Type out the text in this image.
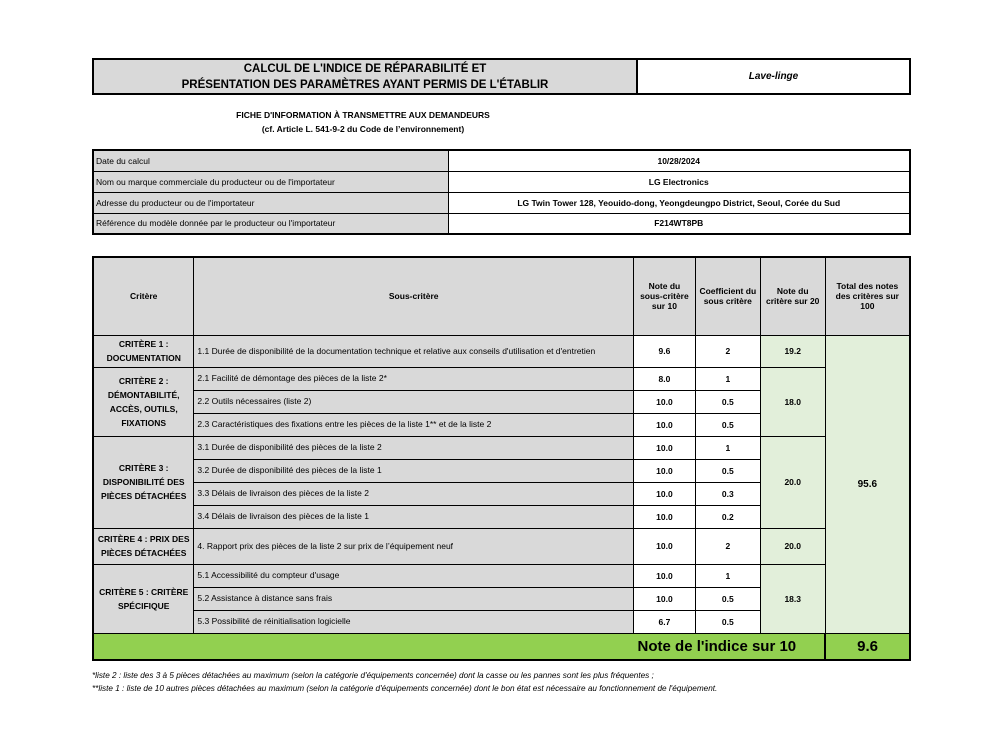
CALCUL DE L'INDICE DE RÉPARABILITÉ ET
PRÉSENTATION DES PARAMÈTRES AYANT PERMIS DE L'ÉTABLIR
Lave-linge
FICHE D'INFORMATION À TRANSMETTRE AUX DEMANDEURS
(cf. Article L. 541-9-2 du Code de l’environnement)
Date du calcul	10/28/2024
Nom ou marque commerciale du producteur ou de l'importateur	LG Electronics
Adresse du producteur ou de l'importateur	LG Twin Tower 128, Yeouido-dong, Yeongdeungpo District, Seoul, Corée du Sud
Référence du modèle donnée par le producteur ou l'importateur	F214WT8PB
Critère	Sous-critère	Note du sous-critère sur 10	Coefficient du sous critère	Note du critère sur 20	Total des notes des critères sur 100
CRITÈRE 1 : DOCUMENTATION	1.1 Durée de disponibilité de la documentation technique et relative aux conseils d'utilisation et d'entretien	9.6	2	19.2	95.6
CRITÈRE 2 : DÉMONTABILITÉ, ACCÈS, OUTILS, FIXATIONS	2.1 Facilité de démontage des pièces de la liste 2*	8.0	1	18.0	
	2.2 Outils nécessaires (liste 2)	10.0	0.5		
	2.3 Caractéristiques des fixations entre les pièces de la liste 1** et de la liste 2	10.0	0.5		
CRITÈRE 3 : DISPONIBILITÉ DES PIÈCES DÉTACHÉES	3.1 Durée de disponibilité des pièces de la liste 2	10.0	1	20.0	
	3.2 Durée de disponibilité des pièces de la liste 1	10.0	0.5		
	3.3 Délais de livraison des pièces de la liste 2	10.0	0.3		
	3.4 Délais de livraison des pièces de la liste 1	10.0	0.2		
CRITÈRE 4 : PRIX DES PIÈCES DÉTACHÉES	4. Rapport prix des pièces de la liste 2 sur prix de l’équipement neuf	10.0	2	20.0	
CRITÈRE 5 : CRITÈRE SPÉCIFIQUE	5.1 Accessibilité du compteur d'usage	10.0	1	18.3	
	5.2 Assistance à distance sans frais	10.0	0.5		
	5.3 Possibilité de réinitialisation logicielle	6.7	0.5		
Note de l'indice sur 10					9.6
*liste 2 : liste des 3 à 5 pièces détachées au maximum (selon la catégorie d'équipements concernée) dont la casse ou les pannes sont les plus fréquentes ;
**liste 1 : liste de 10 autres pièces détachées au maximum (selon la catégorie d'équipements concernée) dont le bon état est nécessaire au fonctionnement de l'équipement.
